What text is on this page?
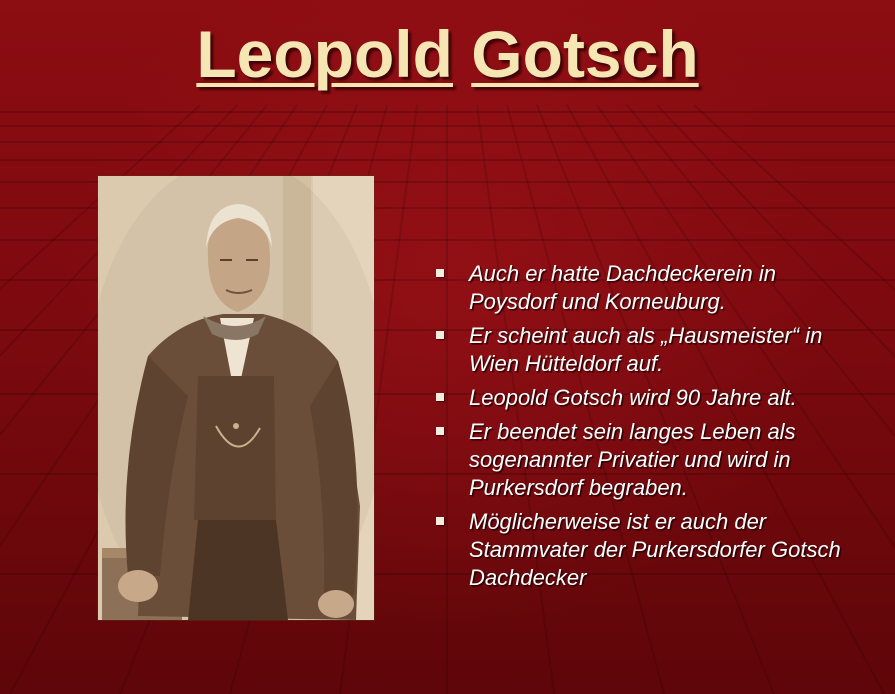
Leopold Gotsch
Auch er hatte Dachdeckerein in Poysdorf und Korneuburg.
Er scheint auch als „Hausmeister“ in Wien Hütteldorf auf.
Leopold Gotsch wird 90 Jahre alt.
Er beendet sein langes Leben als sogenannter Privatier und wird in Purkersdorf begraben.
Möglicherweise ist er auch der Stammvater der Purkersdorfer Gotsch Dachdecker
